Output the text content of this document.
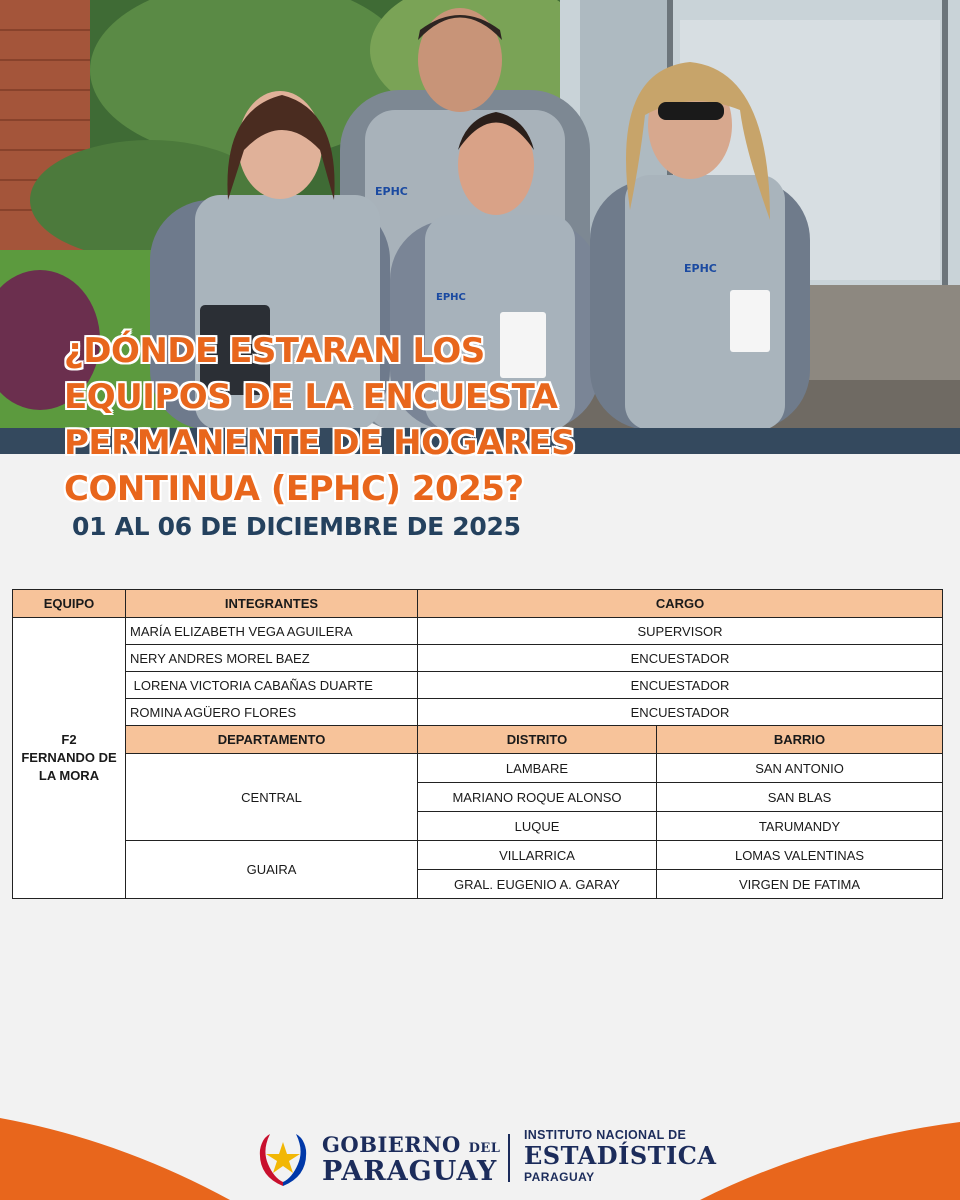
EPHC
EPHC
EPHC
¿DÓNDE ESTARAN LOS
EQUIPOS DE LA ENCUESTA
PERMANENTE DE HOGARES
CONTINUA (EPHC) 2025?
01 AL 06 DE DICIEMBRE DE 2025
EQUIPO	INTEGRANTES	CARGO	
F2
FERNANDO DE
LA MORA	MARÍA ELIZABETH VEGA AGUILERA	SUPERVISOR	
	NERY ANDRES MOREL BAEZ	ENCUESTADOR	
	LORENA VICTORIA CABAÑAS DUARTE	ENCUESTADOR	
	ROMINA AGÜERO FLORES	ENCUESTADOR	
	DEPARTAMENTO	DISTRITO	BARRIO
	CENTRAL	LAMBARE	SAN ANTONIO
		MARIANO ROQUE ALONSO	SAN BLAS
		LUQUE	TARUMANDY
	GUAIRA	VILLARRICA	LOMAS VALENTINAS
		GRAL. EUGENIO A. GARAY	VIRGEN DE FATIMA
GOBIERNO DEL
PARAGUAY
INSTITUTO NACIONAL DE
ESTADÍSTICA
PARAGUAY
